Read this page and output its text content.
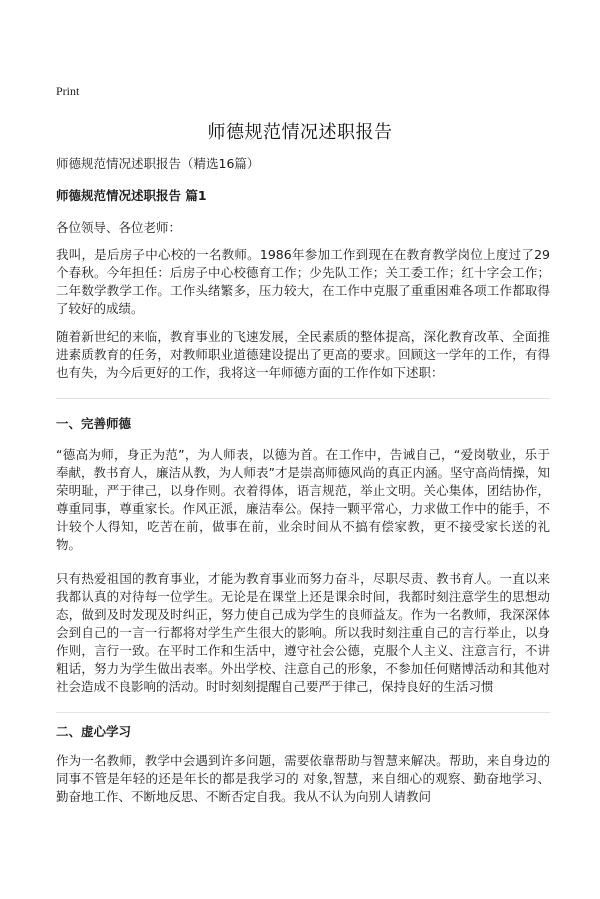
Print
师德规范情况述职报告
师德规范情况述职报告（精选16篇）
师德规范情况述职报告 篇1
各位领导、各位老师：

我叫，是后房子中心校的一名教师。1986年参加工作到现在在教育教学岗位上度过了29个春秋。今年担任：后房子中心校德育工作；少先队工作；关工委工作；红十字会工作；二年数学教学工作。工作头绪繁多，压力较大，在工作中克服了重重困难各项工作都取得了较好的成绩。

随着新世纪的来临，教育事业的飞速发展，全民素质的整体提高，深化教育改革、全面推进素质教育的任务，对教师职业道德建设提出了更高的要求。回顾这一学年的工作，有得也有失，为今后更好的工作，我将这一年师德方面的工作作如下述职：

一、完善师德

“德高为师，身正为范”，为人师表，以德为首。在工作中，告诫自己，“爱岗敬业，乐于奉献，教书育人，廉洁从教，为人师表”才是崇高师德风尚的真正内涵。坚守高尚情操，知荣明耻，严于律己，以身作则。衣着得体，语言规范，举止文明。关心集体，团结协作，尊重同事，尊重家长。作风正派，廉洁奉公。保持一颗平常心，力求做工作中的能手，不计较个人得知，吃苦在前，做事在前，业余时间从不搞有偿家教，更不接受家长送的礼物。

只有热爱祖国的教育事业，才能为教育事业而努力奋斗，尽职尽责、教书育人。一直以来我都认真的对待每一位学生。无论是在课堂上还是课余时间，我都时刻注意学生的思想动态，做到及时发现及时纠正，努力使自己成为学生的良师益友。作为一名教师，我深深体会到自己的一言一行都将对学生产生很大的影响。所以我时刻注重自己的言行举止，以身作则，言行一致。在平时工作和生活中，遵守社会公德，克服个人主义、注意言行，不讲粗话，努力为学生做出表率。外出学校、注意自己的形象，不参加任何赌博活动和其他对社会造成不良影响的活动。时时刻刻提醒自己要严于律己，保持良好的生活习惯

二、虚心学习

作为一名教师，教学中会遇到许多问题，需要依靠帮助与智慧来解决。帮助，来自身边的同事不管是年轻的还是年长的都是我学习的 对象,智慧，来自细心的观察、勤奋地学习、勤奋地工作、不断地反思、不断否定自我。我从不认为向别人请教问
